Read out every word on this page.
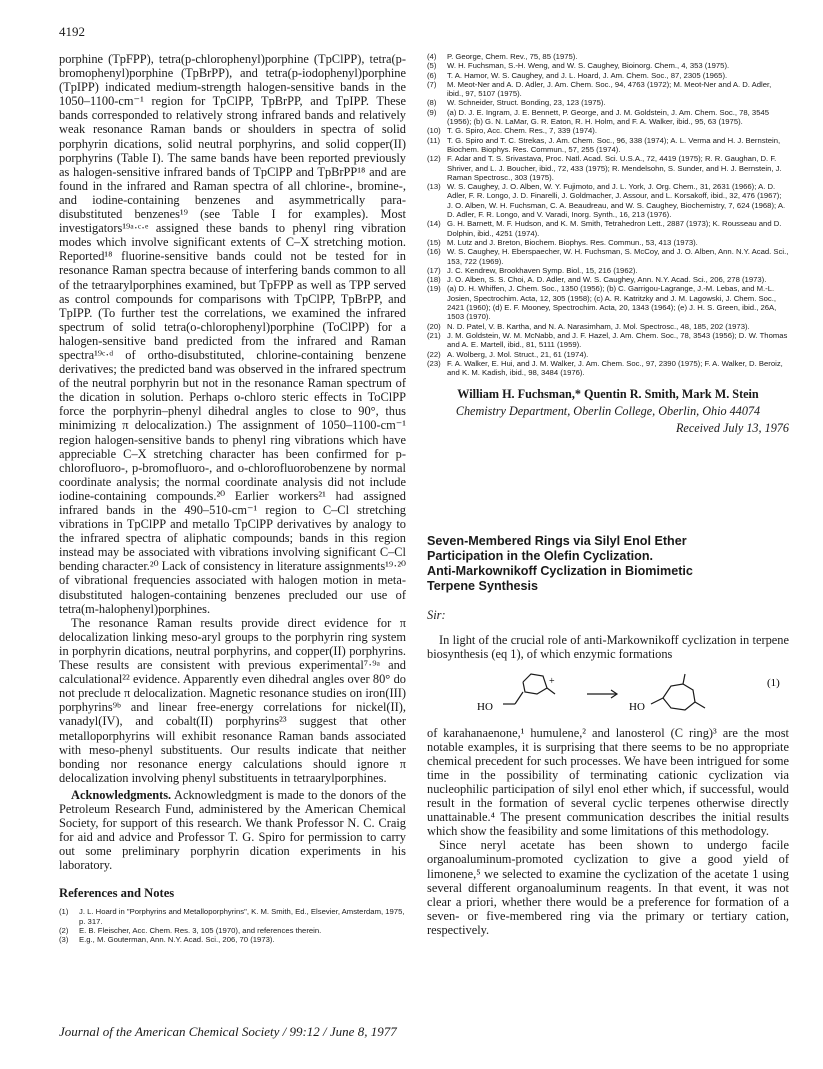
4192

porphine (TpFPP), tetra(p-chlorophenyl)porphine (TpClPP), tetra(p-bromophenyl)porphine (TpBrPP), and tetra(p-iodophenyl)porphine (TpIPP) indicated medium-strength halogen-sensitive bands in the 1050–1100-cm⁻¹ region for TpClPP, TpBrPP, and TpIPP. These bands corresponded to relatively strong infrared bands and relatively weak resonance Raman bands or shoulders in spectra of solid porphyrin dications, solid neutral porphyrins, and solid copper(II) porphyrins (Table I). The same bands have been reported previously as halogen-sensitive infrared bands of TpClPP and TpBrPP¹⁸ and are found in the infrared and Raman spectra of all chlorine-, bromine-, and iodine-containing benzenes and asymmetrically para-disubstituted benzenes¹⁹ (see Table I for examples). Most investigators¹⁹ᵃ·ᶜ·ᵉ assigned these bands to phenyl ring vibration modes which involve significant extents of C–X stretching motion. Reported¹⁸ fluorine-sensitive bands could not be tested for in resonance Raman spectra because of interfering bands common to all of the tetraarylporphines examined, but TpFPP as well as TPP served as control compounds for comparisons with TpClPP, TpBrPP, and TpIPP. (To further test the correlations, we examined the infrared spectrum of solid tetra(o-chlorophenyl)porphine (ToClPP) for a halogen-sensitive band predicted from the infrared and Raman spectra¹⁹ᶜ·ᵈ of ortho-disubstituted, chlorine-containing benzene derivatives; the predicted band was observed in the infrared spectrum of the neutral porphyrin but not in the resonance Raman spectrum of the dication in solution. Perhaps o-chloro steric effects in ToClPP force the porphyrin–phenyl dihedral angles to close to 90°, thus minimizing π delocalization.) The assignment of 1050–1100-cm⁻¹ region halogen-sensitive bands to phenyl ring vibrations which have appreciable C–X stretching character has been confirmed for p-chlorofluoro-, p-bromofluoro-, and o-chlorofluorobenzene by normal coordinate analysis; the normal coordinate analysis did not include iodine-containing compounds.²⁰ Earlier workers²¹ had assigned infrared bands in the 490–510-cm⁻¹ region to C–Cl stretching vibrations in TpClPP and metallo TpClPP derivatives by analogy to the infrared spectra of aliphatic compounds; bands in this region instead may be associated with vibrations involving significant C–Cl bending character.²⁰ Lack of consistency in literature assignments¹⁹·²⁰ of vibrational frequencies associated with halogen motion in meta-disubstituted halogen-containing benzenes precluded our use of tetra(m-halophenyl)porphines.

The resonance Raman results provide direct evidence for π delocalization linking meso-aryl groups to the porphyrin ring system in porphyrin dications, neutral porphyrins, and copper(II) porphyrins. These results are consistent with previous experimental⁷·⁹ᵃ and calculational²² evidence. Apparently even dihedral angles over 80° do not preclude π delocalization. Magnetic resonance studies on iron(III) porphyrins⁹ᵇ and linear free-energy correlations for nickel(II), vanadyl(IV), and cobalt(II) porphyrins²³ suggest that other metalloporphyrins will exhibit resonance Raman bands associated with meso-phenyl substituents. Our results indicate that neither bonding nor resonance energy calculations should ignore π delocalization involving phenyl substituents in tetraarylporphines.

Acknowledgments. Acknowledgment is made to the donors of the Petroleum Research Fund, administered by the American Chemical Society, for support of this research. We thank Professor N. C. Craig for aid and advice and Professor T. G. Spiro for permission to carry out some preliminary porphyrin dication experiments in his laboratory.

References and Notes
(1)	J. L. Hoard in "Porphyrins and Metalloporphyrins", K. M. Smith, Ed., Elsevier, Amsterdam, 1975, p. 317.
(2)	E. B. Fleischer, Acc. Chem. Res. 3, 105 (1970), and references therein.
(3)	E.g., M. Gouterman, Ann. N.Y. Acad. Sci., 206, 70 (1973).
(4)	P. George, Chem. Rev., 75, 85 (1975).
(5)	W. H. Fuchsman, S.-H. Weng, and W. S. Caughey, Bioinorg. Chem., 4, 353 (1975).
(6)	T. A. Hamor, W. S. Caughey, and J. L. Hoard, J. Am. Chem. Soc., 87, 2305 (1965).
(7)	M. Meot-Ner and A. D. Adler, J. Am. Chem. Soc., 94, 4763 (1972); M. Meot-Ner and A. D. Adler, ibid., 97, 5107 (1975).
(8)	W. Schneider, Struct. Bonding, 23, 123 (1975).
(9)	(a) D. J. E. Ingram, J. E. Bennett, P. George, and J. M. Goldstein, J. Am. Chem. Soc., 78, 3545 (1956); (b) G. N. LaMar, G. R. Eaton, R. H. Holm, and F. A. Walker, ibid., 95, 63 (1975).
(10) T. G. Spiro, Acc. Chem. Res., 7, 339 (1974).
(11) T. G. Spiro and T. C. Strekas, J. Am. Chem. Soc., 96, 338 (1974); A. L. Verma and H. J. Bernstein, Biochem. Biophys. Res. Commun., 57, 255 (1974).
(12) F. Adar and T. S. Srivastava, Proc. Natl. Acad. Sci. U.S.A., 72, 4419 (1975); R. R. Gaughan, D. F. Shriver, and L. J. Boucher, ibid., 72, 433 (1975); R. Mendelsohn, S. Sunder, and H. J. Bernstein, J. Raman Spectrosc., 303 (1975).
(13) W. S. Caughey, J. O. Alben, W. Y. Fujimoto, and J. L. York, J. Org. Chem., 31, 2631 (1966); A. D. Adler, F. R. Longo, J. D. Finarelli, J. Goldmacher, J. Assour, and L. Korsakoff, ibid., 32, 476 (1967); J. O. Alben, W. H. Fuchsman, C. A. Beaudreau, and W. S. Caughey, Biochemistry, 7, 624 (1968); A. D. Adler, F. R. Longo, and V. Varadi, Inorg. Synth., 16, 213 (1976).
(14) G. H. Barnett, M. F. Hudson, and K. M. Smith, Tetrahedron Lett., 2887 (1973); K. Rousseau and D. Dolphin, ibid., 4251 (1974).
(15) M. Lutz and J. Breton, Biochem. Biophys. Res. Commun., 53, 413 (1973).
(16) W. S. Caughey, H. Eberspaecher, W. H. Fuchsman, S. McCoy, and J. O. Alben, Ann. N.Y. Acad. Sci., 153, 722 (1969).
(17) J. C. Kendrew, Brookhaven Symp. Biol., 15, 216 (1962).
(18) J. O. Alben, S. S. Choi, A. D. Adler, and W. S. Caughey, Ann. N.Y. Acad. Sci., 206, 278 (1973).
(19) (a) D. H. Whiffen, J. Chem. Soc., 1350 (1956); (b) C. Garrigou-Lagrange, J.-M. Lebas, and M.-L. Josien, Spectrochim. Acta, 12, 305 (1958); (c) A. R. Katritzky and J. M. Lagowski, J. Chem. Soc., 2421 (1960); (d) E. F. Mooney, Spectrochim. Acta, 20, 1343 (1964); (e) J. H. S. Green, ibid., 26A, 1503 (1970).
(20) N. D. Patel, V. B. Kartha, and N. A. Narasimham, J. Mol. Spectrosc., 48, 185, 202 (1973).
(21) J. M. Goldstein, W. M. McNabb, and J. F. Hazel, J. Am. Chem. Soc., 78, 3543 (1956); D. W. Thomas and A. E. Martell, ibid., 81, 5111 (1959).
(22) A. Wolberg, J. Mol. Struct., 21, 61 (1974).
(23) F. A. Walker, E. Hui, and J. M. Walker, J. Am. Chem. Soc., 97, 2390 (1975); F. A. Walker, D. Beroiz, and K. M. Kadish, ibid., 98, 3484 (1976).
William H. Fuchsman,* Quentin R. Smith, Mark M. Stein
Chemistry Department, Oberlin College, Oberlin, Ohio 44074
Received July 13, 1976
Seven-Membered Rings via Silyl Enol Ether
Participation in the Olefin Cyclization.
Anti-Markownikoff Cyclization in Biomimetic
Terpene Synthesis
Sir:

In light of the crucial role of anti-Markownikoff cyclization in terpene biosynthesis (eq 1), of which enzymic formations

HO
+
HO
(1)

of karahanaenone,¹ humulene,² and lanosterol (C ring)³ are the most notable examples, it is surprising that there seems to be no appropriate chemical precedent for such processes. We have been intrigued for some time in the possibility of terminating cationic cyclization via nucleophilic participation of silyl enol ether which, if successful, would result in the formation of several cyclic terpenes otherwise directly unattainable.⁴ The present communication describes the initial results which show the feasibility and some limitations of this methodology.

Since neryl acetate has been shown to undergo facile organoaluminum-promoted cyclization to give a good yield of limonene,⁵ we selected to examine the cyclization of the acetate 1 using several different organoaluminum reagents. In that event, it was not clear a priori, whether there would be a preference for formation of a seven- or five-membered ring via the primary or tertiary cation, respectively.

Journal of the American Chemical Society / 99:12 / June 8, 1977
